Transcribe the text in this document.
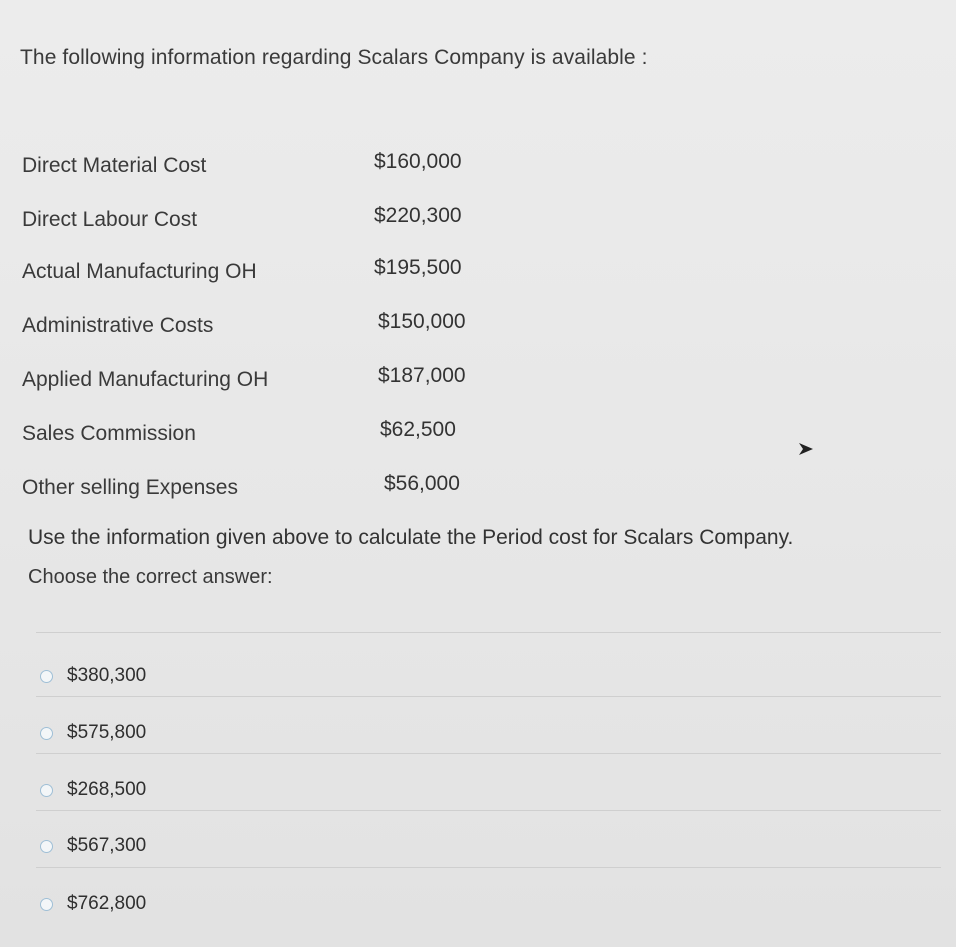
The following information regarding Scalars Company is available :
Direct Material Cost	$160,000
Direct Labour Cost	$220,300
Actual Manufacturing OH	$195,500
Administrative Costs	$150,000
Applied Manufacturing OH	$187,000
Sales Commission	$62,500
Other selling Expenses	$56,000
Use the information given above to calculate the Period cost for Scalars Company.
Choose the correct answer:
$380,300
$575,800
$268,500
$567,300
$762,800
